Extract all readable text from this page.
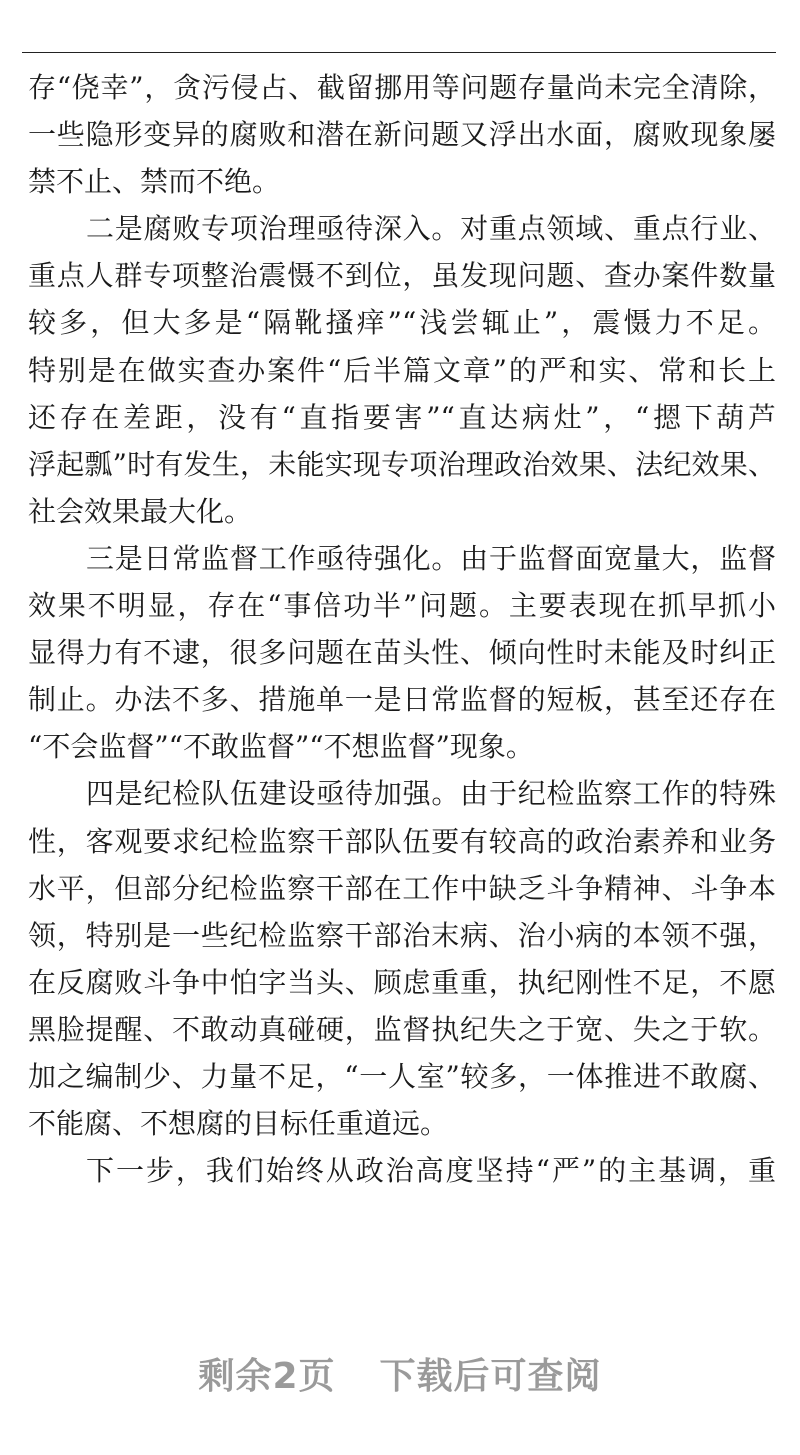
存“侥幸”，贪污侵占、截留挪用等问题存量尚未完全清除，
一些隐形变异的腐败和潜在新问题又浮出水面，腐败现象屡
禁不止、禁而不绝。
二是腐败专项治理亟待深入。对重点领域、重点行业、
重点人群专项整治震慑不到位，虽发现问题、查办案件数量
较多，但大多是“隔靴搔痒”“浅尝辄止”，震慑力不足。
特别是在做实查办案件“后半篇文章”的严和实、常和长上
还存在差距，没有“直指要害”“直达病灶”，“摁下葫芦
浮起瓢”时有发生，未能实现专项治理政治效果、法纪效果、
社会效果最大化。
三是日常监督工作亟待强化。由于监督面宽量大，监督
效果不明显，存在“事倍功半”问题。主要表现在抓早抓小
显得力有不逮，很多问题在苗头性、倾向性时未能及时纠正
制止。办法不多、措施单一是日常监督的短板，甚至还存在
“不会监督”“不敢监督”“不想监督”现象。
四是纪检队伍建设亟待加强。由于纪检监察工作的特殊
性，客观要求纪检监察干部队伍要有较高的政治素养和业务
水平，但部分纪检监察干部在工作中缺乏斗争精神、斗争本
领，特别是一些纪检监察干部治末病、治小病的本领不强，
在反腐败斗争中怕字当头、顾虑重重，执纪刚性不足，不愿
黑脸提醒、不敢动真碰硬，监督执纪失之于宽、失之于软。
加之编制少、力量不足，“一人室”较多，一体推进不敢腐、
不能腐、不想腐的目标任重道远。
下一步，我们始终从政治高度坚持“严”的主基调，重
剩余2页 下载后可查阅
